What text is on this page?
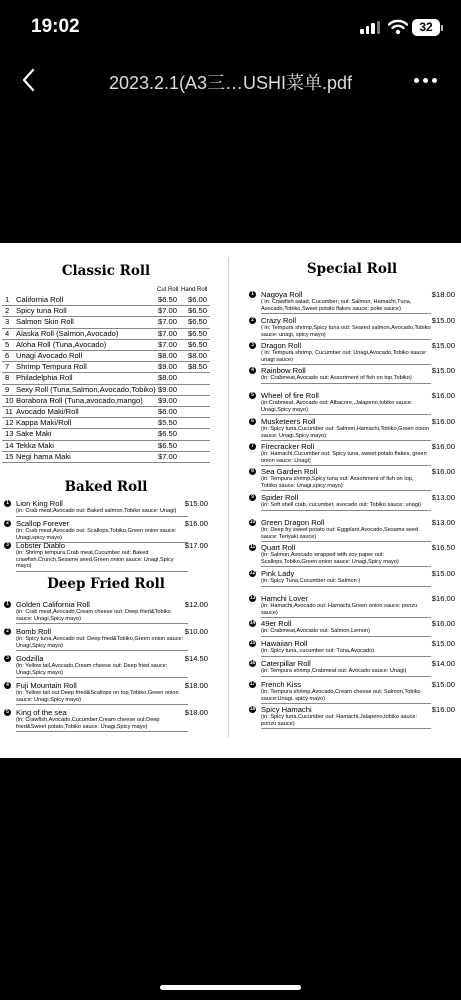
19:02	32
2023.2.1(A3三…USHI菜单.pdf
Classic Roll
Cut Roll Hand Roll
1 California Roll	$6.50 $6.00
2 Spicy tuna Roll	$7.00 $6.50
3 Salmon Skin Roll	$7.00 $6.50
4 Alaska Roll (Salmon,Avocado)	$7.00 $6.50
5 Aloha Roll (Tuna,Avocado)	$7.00 $6.50
6 Unagi Avocado Roll	$8.00 $8.00
7 Shrimp Tempura Roll	$9.00 $8.50
8 Philadelphia Roll	$8.00
9 Sexy Roll (Tuna,Salmon,Avocado,Tobiko) $9.00
10 Borabora Roll (Tuna,avocado,mango) $9.00
11 Avocado Maki/Roll	$6.00
12 Kappa Maki/Roll	$5.50
13 Sake Maki	$6.50
14 Tekka Maki	$6.50
15 Negi hama Maki	$7.00
Baked Roll
1 Lion King Roll	$15.00
(in: Crab meat,Avocado out: Baked salmon,Tobiko sauce: Unagi)
2 Scallop Forever	$16.00
(in: Crab meat,Avocado out: Scallops,Tobiko,Green onion sauce: Unagi,spicy mayo)
3 Lobster Diablo	$17.00
(in: Shrimp tempura,Crab meat,Cucumber out: Baked crawfish,Crunch,Sesame seed,Green onion sauce: Unagi,Spicy mayo)
Deep Fried Roll
1 Golden California Roll	$12.00
(in: Crab meat,Avocado,Cream cheese out: Deep fried&Tobiko sauce: Unagi,Spicy mayo)
2 Bomb Roll	$10.00
(in: Spicy tuna,Avocado out: Deep fried&Tobiko,Green onion sauce: Unagi,Spicy mayo)
3 Godzilla	$14.50
(in: Yellow tail,Avocado,Cream cheese out: Deep fried sauce: Unagi,Spicy mayo)
4 Fuji Mountain Roll	$18.00
(in: Yellow tail out:Deep fried&Scallops on top,Tobiko,Green onion sauce: Unagi,Spicy mayo)
5 King of the sea	$18.00
(in: Crawfish,Avocado,Cucumber,Cream cheese out:Deep fried&Sweet potato,Tobiko sauce: Unagi,Spicy mayo)
Special Roll
1 Nagoya Roll	$18.00
( in: Crawfish salad, Cucumber; out: Salmon, Hamachi,Tuna, Avocado,Tobiko,Sweet potato flakes sauce: poke sauce)
2 Crazy Roll	$15.00
( in: Tempura shrimp,Spicy tuna out: Seared salmon,Avocado,Tobiko sauce: unagi, spicy mayo)
3 Dragon Roll	$15.00
( in: Tempura shrimp, Cucumber out: Unagi,Avocado,Tobiko sauce: unagi sauce)
4 Rainbow Roll	$15.00
(in: Crabmeat,Avocado out: Assortment of fish on top,Tobiko)
5 Wheel of fire Roll	$16.00
(in:Crabmeat, Avocado out: Albacore,,Jalapeno,tobiko sauce: Unagi,Spicy mayo)
6 Musketeers Roll	$16.00
(in: Spicy tuna,Cucumber out: Salmon,Hamachi,Tobiko,Green onion sauce: Unagi,Spicy mayo)
7 Firecracker Roll	$16.00
(in: Hamachi,Cucumber out: Spicy tuna, sweet potato flakes, green onion sauce: Unagi)
8 Sea Garden Roll	$16.00
(in: Tempura shrimp,Spicy tuna out: Assortment of fish on top, Tobiko sauce: Unagi,spicy mayo)
9 Spider Roll	$13.00
(in: Soft shell crab, cucumber, avocado out: Tobiko sauce: unagi)
10 Green Dragon Roll	$13.00
(in: Deep fry sweet potato out: Eggplant,Avocado,Sesame seed sauce: Teriyaki sauce)
11 Quart Roll	$16.50
(in: Salmon,Avocado wrapped with soy paper out: Scallops,Tobiko,Green onion sauce: Unagi,Spicy mayo)
12 Pink Lady	$15.00
(in: Spicy Tuna,Cucumber out: Salmon )
13 Hamchi Lover	$16.00
(in: Hamachi,Avocado out: Hamachi,Green onion sauce: ponzu sauce)
14 49er Roll	$16.00
(in: Crabmeat,Avocado out: Salmon,Lemon)
15 Hawaiian Roll	$15.00
(in: Spicy tuna, cucumber out: Tuna,Avocado)
16 Caterpillar Roll	$14.00
(in: Tempura shrimp,Crabmeat out: Avocado sauce: Unagi)
17 French Kiss	$15.00
(in: Tempura shrimp,Avocado,Cream cheese out: Salmon,Tobiko sauce:Unagi, spicy mayo)
18 Spicy Hamachi	$16.00
(in: Spicy tuna,Cucumber out: Hamachi,Jalapeno,tobiko sauce: ponzu sauce)
